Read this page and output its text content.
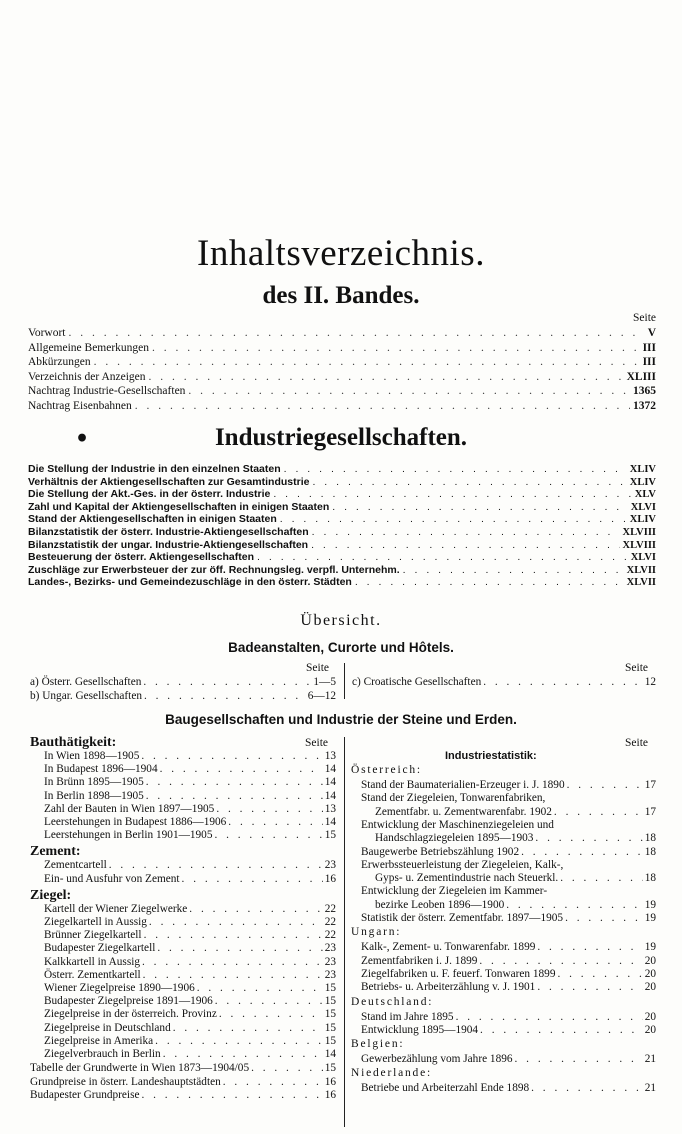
Inhaltsverzeichnis.
des II. Bandes.
Seite
Vorwort . . .	V
Allgemeine Bemerkungen . . .	III
Abkürzungen . . .	III
Verzeichnis der Anzeigen . . .	XLIII
Nachtrag Industrie-Gesellschaften . . .	1365
Nachtrag Eisenbahnen . . .	1372
•	Industriegesellschaften.
Die Stellung der Industrie in den einzelnen Staaten . . .	XLIV
Verhältnis der Aktiengesellschaften zur Gesamtindustrie . . .	XLIV
Die Stellung der Akt.-Ges. in der österr. Industrie . . .	XLV
Zahl und Kapital der Aktiengesellschaften in einigen Staaten . . .	XLVI
Stand der Aktiengesellschaften in einigen Staaten . . .	XLIV
Bilanzstatistik der österr. Industrie-Aktiengesellschaften . . .	XLVIII
Bilanzstatistik der ungar. Industrie-Aktiengesellschaften . . .	XLVIII
Besteuerung der österr. Aktiengesellschaften . . .	XLVI
Zuschläge zur Erwerbsteuer der zur öff. Rechnungsleg. verpfl. Unternehm. . . .	XLVII
Landes-, Bezirks- und Gemeindezuschläge in den österr. Städten . . .	XLVII
Übersicht.
Badeanstalten, Curorte und Hôtels.
Seite	Seite
a) Österr. Gesellschaften . . .	1—5
b) Ungar. Gesellschaften . . .	6—12
c) Croatische Gesellschaften . . .	12
Baugesellschaften und Industrie der Steine und Erden.
Seite
Bauthätigkeit:
In Wien 1898—1905 . . .	13
In Budapest 1896—1904 . . .	14
In Brünn 1895—1905 . . .	14
In Berlin 1898—1905 . . .	14
Zahl der Bauten in Wien 1897—1905 . . .	13
Leerstehungen in Budapest 1886—1906 . . .	14
Leerstehungen in Berlin 1901—1905 . . .	15
Zement:
Zementcartell . . .	23
Ein- und Ausfuhr von Zement . . .	16
Ziegel:
Kartell der Wiener Ziegelwerke . . .	22
Ziegelkartell in Aussig . . .	22
Brünner Ziegelkartell . . .	22
Budapester Ziegelkartell . . .	23
Kalkkartell in Aussig . . .	23
Österr. Zementkartell . . .	23
Wiener Ziegelpreise 1890—1906 . . .	15
Budapester Ziegelpreise 1891—1906 . . .	15
Ziegelpreise in der österreich. Provinz . . .	15
Ziegelpreise in Deutschland . . .	15
Ziegelpreise in Amerika . . .	15
Ziegelverbrauch in Berlin . . .	14
Tabelle der Grundwerte in Wien 1873—1904/05 . . .	15
Grundpreise in österr. Landeshauptstädten . . .	16
Budapester Grundpreise . . .	16
Seite
Industriestatistik:
Österreich:
Stand der Baumaterialien-Erzeuger i. J. 1890 . . .	17
Stand der Ziegeleien, Tonwarenfabriken,
Zementfabr. u. Zementwarenfabr. 1902 . . .	17
Entwicklung der Maschinenziegeleien und
Handschlagziegeleien 1895—1903 . . .	18
Baugewerbe Betriebszählung 1902 . . .	18
Erwerbssteuerleistung der Ziegeleien, Kalk-,
Gyps- u. Zementindustrie nach Steuerkl. . . .	18
Entwicklung der Ziegeleien im Kammer-
bezirke Leoben 1896—1900 . . .	19
Statistik der österr. Zementfabr. 1897—1905 . . .	19
Ungarn:
Kalk-, Zement- u. Tonwarenfabr. 1899 . . .	19
Zementfabriken i. J. 1899 . . .	20
Ziegelfabriken u. F. feuerf. Tonwaren 1899 . . .	20
Betriebs- u. Arbeiterzählung v. J. 1901 . . .	20
Deutschland:
Stand im Jahre 1895 . . .	20
Entwicklung 1895—1904 . . .	20
Belgien:
Gewerbezählung vom Jahre 1896 . . .	21
Niederlande:
Betriebe und Arbeiterzahl Ende 1898 . . .	21
